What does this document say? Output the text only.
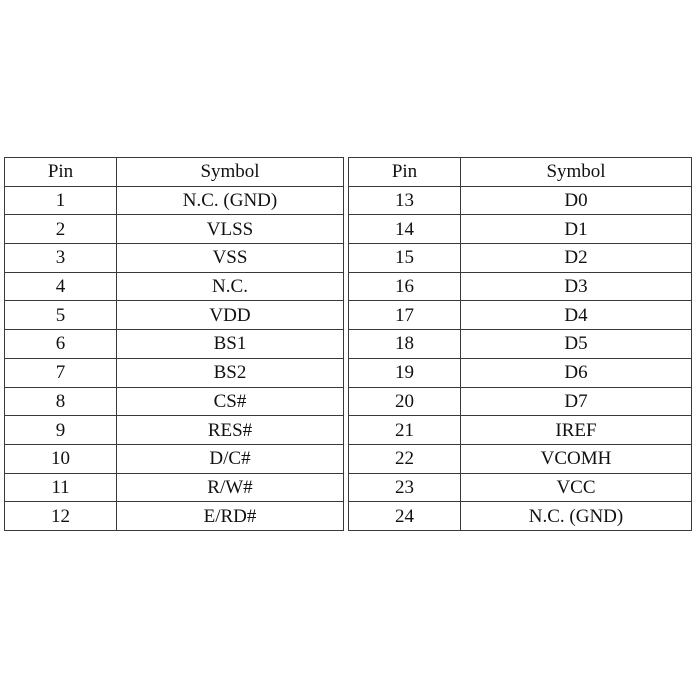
Pin	Symbol
1	N.C. (GND)
2	VLSS
3	VSS
4	N.C.
5	VDD
6	BS1
7	BS2
8	CS#
9	RES#
10	D/C#
11	R/W#
12	E/RD#
Pin	Symbol
13	D0
14	D1
15	D2
16	D3
17	D4
18	D5
19	D6
20	D7
21	IREF
22	VCOMH
23	VCC
24	N.C. (GND)
